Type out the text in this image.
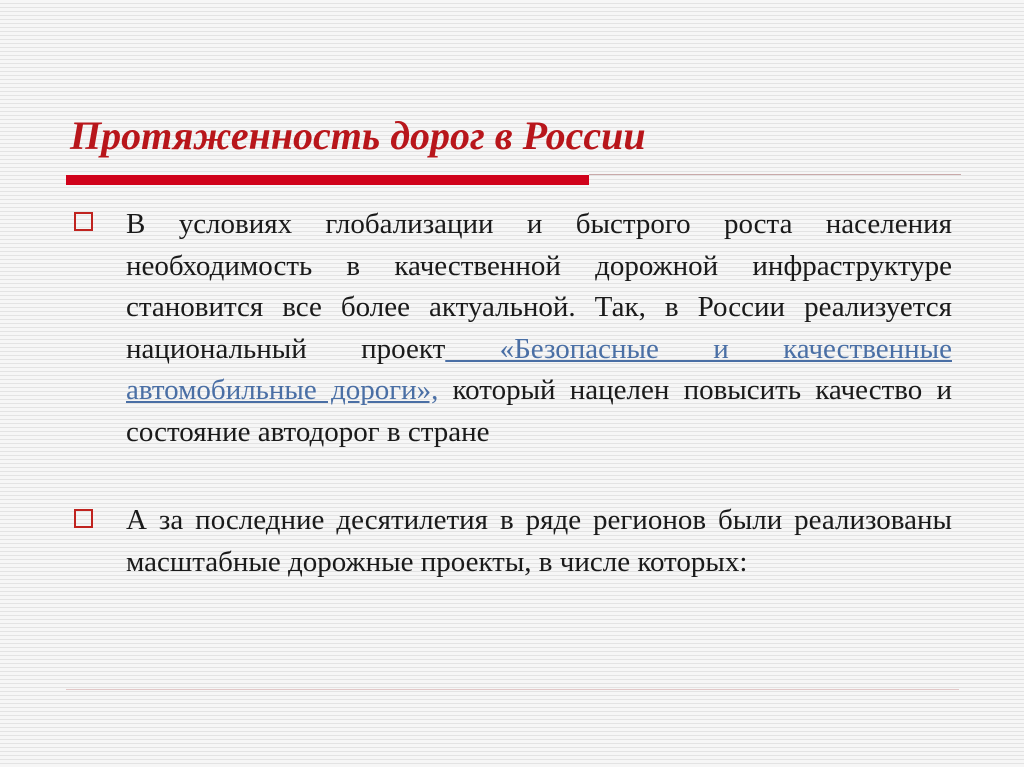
Протяженность дорог в России

В условиях глобализации и быстрого роста населения необходимость в качественной дорожной инфраструктуре становится все более актуальной. Так, в России реализуется национальный проект «Безопасные и качественные автомобильные дороги», который нацелен повысить качество и состояние автодорог в стране

А за последние десятилетия в ряде регионов были реализованы масштабные дорожные проекты, в числе которых:
